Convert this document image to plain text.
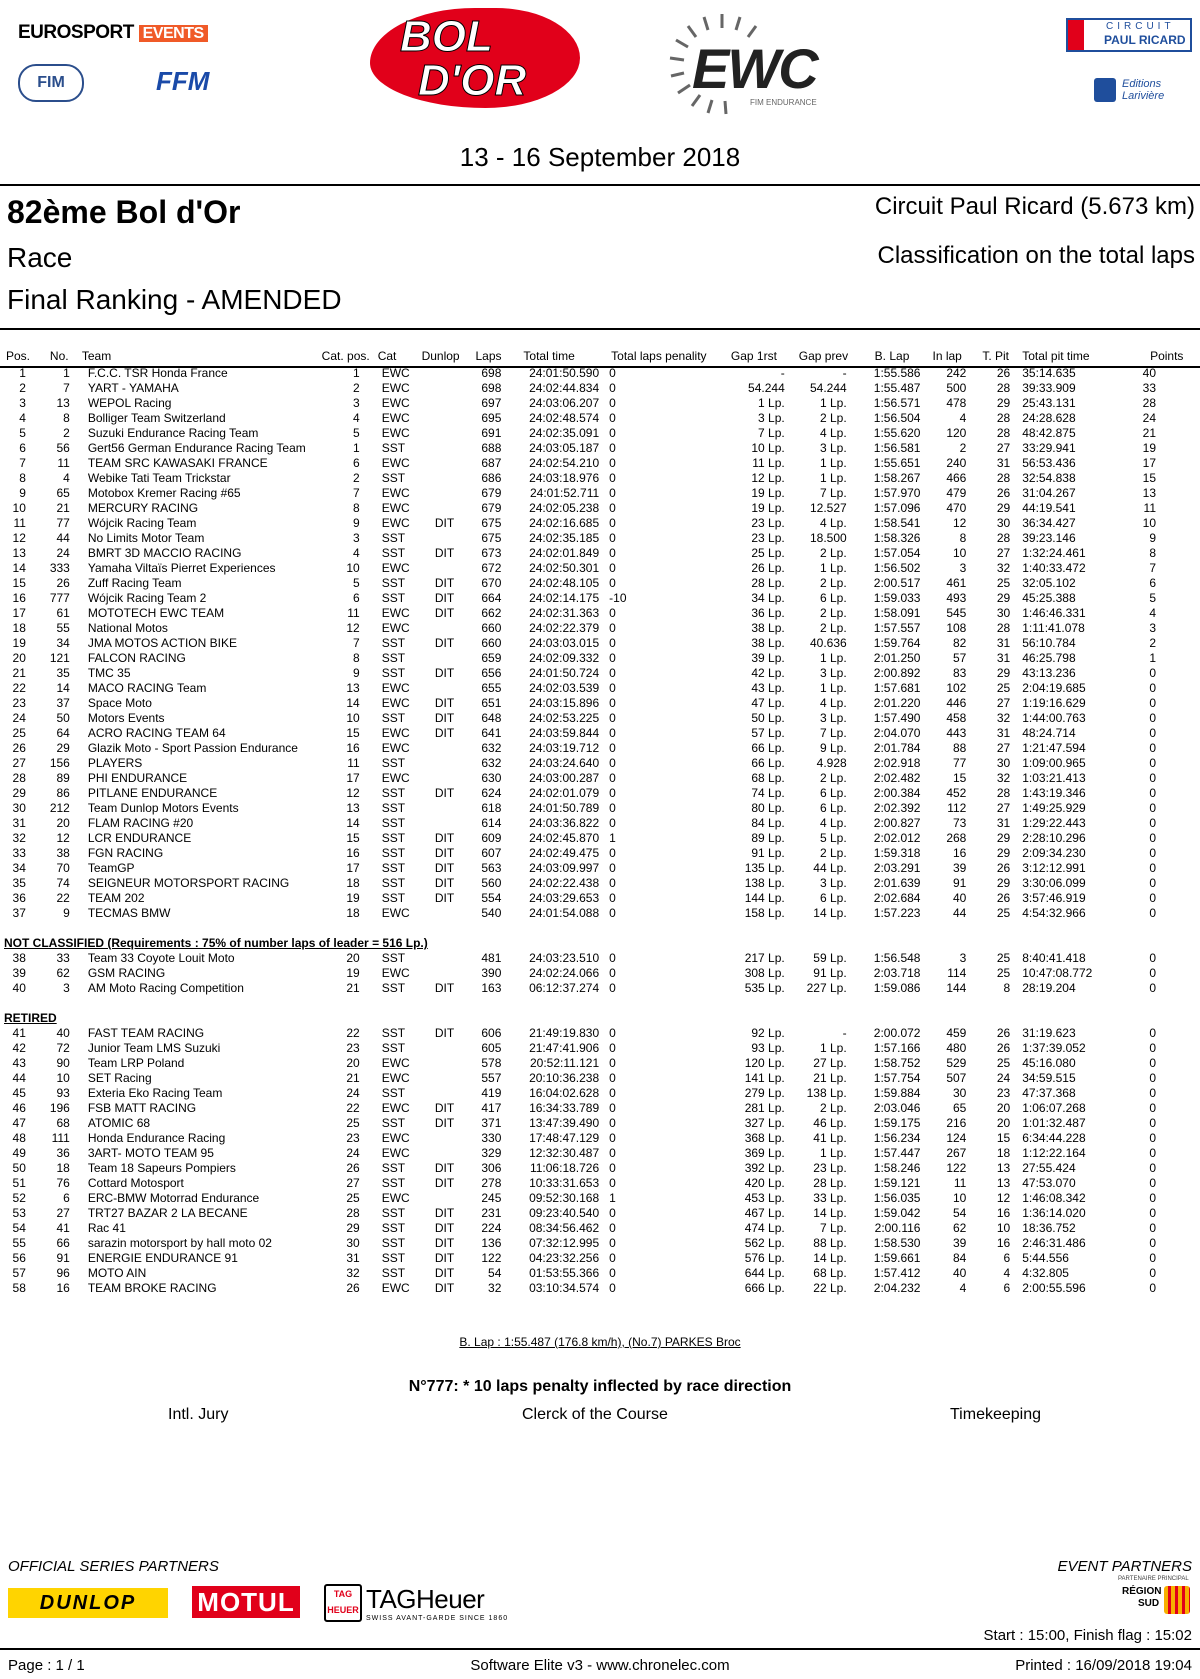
EUROSPORT EVENTS
FIM	FFM
BOL
D'OR	EWC
FIM ENDURANCE
CIRCUIT
PAUL RICARD
Editions
Larivière
13 - 16 September 2018
82ème Bol d'Or
Race
Final Ranking - AMENDED
Circuit Paul Ricard (5.673 km)
Classification on the total laps
Pos.	No.	Team	Cat. pos.	Cat	Dunlop	Laps	Total time	Total laps penality	Gap 1rst	Gap prev	B. Lap	In lap	T. Pit	Total pit time	Points
1	1	F.C.C. TSR Honda France	1	EWC		698	24:01:50.590	0	-	-	1:55.586	242	26	35:14.635	40
2	7	YART - YAMAHA	2	EWC		698	24:02:44.834	0	54.244	54.244	1:55.487	500	28	39:33.909	33
3	13	WEPOL Racing	3	EWC		697	24:03:06.207	0	1 Lp.	1 Lp.	1:56.571	478	29	25:43.131	28
4	8	Bolliger Team Switzerland	4	EWC		695	24:02:48.574	0	3 Lp.	2 Lp.	1:56.504	4	28	24:28.628	24
5	2	Suzuki Endurance Racing Team	5	EWC		691	24:02:35.091	0	7 Lp.	4 Lp.	1:55.620	120	28	48:42.875	21
6	56	Gert56 German Endurance Racing Team	1	SST		688	24:03:05.187	0	10 Lp.	3 Lp.	1:56.581	2	27	33:29.941	19
7	11	TEAM SRC KAWASAKI FRANCE	6	EWC		687	24:02:54.210	0	11 Lp.	1 Lp.	1:55.651	240	31	56:53.436	17
8	4	Webike Tati Team Trickstar	2	SST		686	24:03:18.976	0	12 Lp.	1 Lp.	1:58.267	466	28	32:54.838	15
9	65	Motobox Kremer Racing #65	7	EWC		679	24:01:52.711	0	19 Lp.	7 Lp.	1:57.970	479	26	31:04.267	13
10	21	MERCURY RACING	8	EWC		679	24:02:05.238	0	19 Lp.	12.527	1:57.096	470	29	44:19.541	11
11	77	Wójcik Racing Team	9	EWC	DIT	675	24:02:16.685	0	23 Lp.	4 Lp.	1:58.541	12	30	36:34.427	10
12	44	No Limits Motor Team	3	SST		675	24:02:35.185	0	23 Lp.	18.500	1:58.326	8	28	39:23.146	9
13	24	BMRT 3D MACCIO RACING	4	SST	DIT	673	24:02:01.849	0	25 Lp.	2 Lp.	1:57.054	10	27	1:32:24.461	8
14	333	Yamaha Viltaïs Pierret Experiences	10	EWC		672	24:02:50.301	0	26 Lp.	1 Lp.	1:56.502	3	32	1:40:33.472	7
15	26	Zuff Racing Team	5	SST	DIT	670	24:02:48.105	0	28 Lp.	2 Lp.	2:00.517	461	25	32:05.102	6
16	777	Wójcik Racing Team 2	6	SST	DIT	664	24:02:14.175	-10	34 Lp.	6 Lp.	1:59.033	493	29	45:25.388	5
17	61	MOTOTECH EWC TEAM	11	EWC	DIT	662	24:02:31.363	0	36 Lp.	2 Lp.	1:58.091	545	30	1:46:46.331	4
18	55	National Motos	12	EWC		660	24:02:22.379	0	38 Lp.	2 Lp.	1:57.557	108	28	1:11:41.078	3
19	34	JMA MOTOS ACTION BIKE	7	SST	DIT	660	24:03:03.015	0	38 Lp.	40.636	1:59.764	82	31	56:10.784	2
20	121	FALCON RACING	8	SST		659	24:02:09.332	0	39 Lp.	1 Lp.	2:01.250	57	31	46:25.798	1
21	35	TMC 35	9	SST	DIT	656	24:01:50.724	0	42 Lp.	3 Lp.	2:00.892	83	29	43:13.236	0
22	14	MACO RACING Team	13	EWC		655	24:02:03.539	0	43 Lp.	1 Lp.	1:57.681	102	25	2:04:19.685	0
23	37	Space Moto	14	EWC	DIT	651	24:03:15.896	0	47 Lp.	4 Lp.	2:01.220	446	27	1:19:16.629	0
24	50	Motors Events	10	SST	DIT	648	24:02:53.225	0	50 Lp.	3 Lp.	1:57.490	458	32	1:44:00.763	0
25	64	ACRO RACING TEAM 64	15	EWC	DIT	641	24:03:59.844	0	57 Lp.	7 Lp.	2:04.070	443	31	48:24.714	0
26	29	Glazik Moto - Sport Passion Endurance	16	EWC		632	24:03:19.712	0	66 Lp.	9 Lp.	2:01.784	88	27	1:21:47.594	0
27	156	PLAYERS	11	SST		632	24:03:24.640	0	66 Lp.	4.928	2:02.918	77	30	1:09:00.965	0
28	89	PHI ENDURANCE	17	EWC		630	24:03:00.287	0	68 Lp.	2 Lp.	2:02.482	15	32	1:03:21.413	0
29	86	PITLANE ENDURANCE	12	SST	DIT	624	24:02:01.079	0	74 Lp.	6 Lp.	2:00.384	452	28	1:43:19.346	0
30	212	Team Dunlop Motors Events	13	SST		618	24:01:50.789	0	80 Lp.	6 Lp.	2:02.392	112	27	1:49:25.929	0
31	20	FLAM RACING #20	14	SST		614	24:03:36.822	0	84 Lp.	4 Lp.	2:00.827	73	31	1:29:22.443	0
32	12	LCR ENDURANCE	15	SST	DIT	609	24:02:45.870	1	89 Lp.	5 Lp.	2:02.012	268	29	2:28:10.296	0
33	38	FGN RACING	16	SST	DIT	607	24:02:49.475	0	91 Lp.	2 Lp.	1:59.318	16	29	2:09:34.230	0
34	70	TeamGP	17	SST	DIT	563	24:03:09.997	0	135 Lp.	44 Lp.	2:03.291	39	26	3:12:12.991	0
35	74	SEIGNEUR MOTORSPORT RACING	18	SST	DIT	560	24:02:22.438	0	138 Lp.	3 Lp.	2:01.639	91	29	3:30:06.099	0
36	22	TEAM 202	19	SST	DIT	554	24:03:29.653	0	144 Lp.	6 Lp.	2:02.684	40	26	3:57:46.919	0
37	9	TECMAS BMW	18	EWC		540	24:01:54.088	0	158 Lp.	14 Lp.	1:57.223	44	25	4:54:32.966	0

NOT CLASSIFIED (Requirements : 75% of number laps of leader = 516 Lp.)															
38	33	Team 33 Coyote Louit Moto	20	SST		481	24:03:23.510	0	217 Lp.	59 Lp.	1:56.548	3	25	8:40:41.418	0
39	62	GSM RACING	19	EWC		390	24:02:24.066	0	308 Lp.	91 Lp.	2:03.718	114	25	10:47:08.772	0
40	3	AM Moto Racing Competition	21	SST	DIT	163	06:12:37.274	0	535 Lp.	227 Lp.	1:59.086	144	8	28:19.204	0

RETIRED															
41	40	FAST TEAM RACING	22	SST	DIT	606	21:49:19.830	0	92 Lp.	-	2:00.072	459	26	31:19.623	0
42	72	Junior Team LMS Suzuki	23	SST		605	21:47:41.906	0	93 Lp.	1 Lp.	1:57.166	480	26	1:37:39.052	0
43	90	Team LRP Poland	20	EWC		578	20:52:11.121	0	120 Lp.	27 Lp.	1:58.752	529	25	45:16.080	0
44	10	SET Racing	21	EWC		557	20:10:36.238	0	141 Lp.	21 Lp.	1:57.754	507	24	34:59.515	0
45	93	Exteria Eko Racing Team	24	SST		419	16:04:02.628	0	279 Lp.	138 Lp.	1:59.884	30	23	47:37.368	0
46	196	FSB MATT RACING	22	EWC	DIT	417	16:34:33.789	0	281 Lp.	2 Lp.	2:03.046	65	20	1:06:07.268	0
47	68	ATOMIC 68	25	SST	DIT	371	13:47:39.490	0	327 Lp.	46 Lp.	1:59.175	216	20	1:01:32.487	0
48	111	Honda Endurance Racing	23	EWC		330	17:48:47.129	0	368 Lp.	41 Lp.	1:56.234	124	15	6:34:44.228	0
49	36	3ART- MOTO TEAM 95	24	EWC		329	12:32:30.487	0	369 Lp.	1 Lp.	1:57.447	267	18	1:12:22.164	0
50	18	Team 18 Sapeurs Pompiers	26	SST	DIT	306	11:06:18.726	0	392 Lp.	23 Lp.	1:58.246	122	13	27:55.424	0
51	76	Cottard Motosport	27	SST	DIT	278	10:33:31.653	0	420 Lp.	28 Lp.	1:59.121	11	13	47:53.070	0
52	6	ERC-BMW Motorrad Endurance	25	EWC		245	09:52:30.168	1	453 Lp.	33 Lp.	1:56.035	10	12	1:46:08.342	0
53	27	TRT27 BAZAR 2 LA BECANE	28	SST	DIT	231	09:23:40.540	0	467 Lp.	14 Lp.	1:59.042	54	16	1:36:14.020	0
54	41	Rac 41	29	SST	DIT	224	08:34:56.462	0	474 Lp.	7 Lp.	2:00.116	62	10	18:36.752	0
55	66	sarazin motorsport by hall moto 02	30	SST	DIT	136	07:32:12.995	0	562 Lp.	88 Lp.	1:58.530	39	16	2:46:31.486	0
56	91	ENERGIE ENDURANCE 91	31	SST	DIT	122	04:23:32.256	0	576 Lp.	14 Lp.	1:59.661	84	6	5:44.556	0
57	96	MOTO AIN	32	SST	DIT	54	01:53:55.366	0	644 Lp.	68 Lp.	1:57.412	40	4	4:32.805	0
58	16	TEAM BROKE RACING	26	EWC	DIT	32	03:10:34.574	0	666 Lp.	22 Lp.	2:04.232	4	6	2:00:55.596	0
B. Lap : 1:55.487 (176.8 km/h), (No.7) PARKES Broc
N°777: * 10 laps penalty inflected by race direction
Intl. Jury	Clerck of the Course	Timekeeping
OFFICIAL SERIES PARTNERS	EVENT PARTNERS
DUNLOP	MOTUL	TAG HEUER TAGHeuer
SWISS AVANT-GARDE SINCE 1860
PARTENAIRE PRINCIPAL
RÉGION
SUD
Start : 15:00, Finish flag : 15:02
Page : 1 / 1	Software Elite v3 - www.chronelec.com	Printed : 16/09/2018 19:04
